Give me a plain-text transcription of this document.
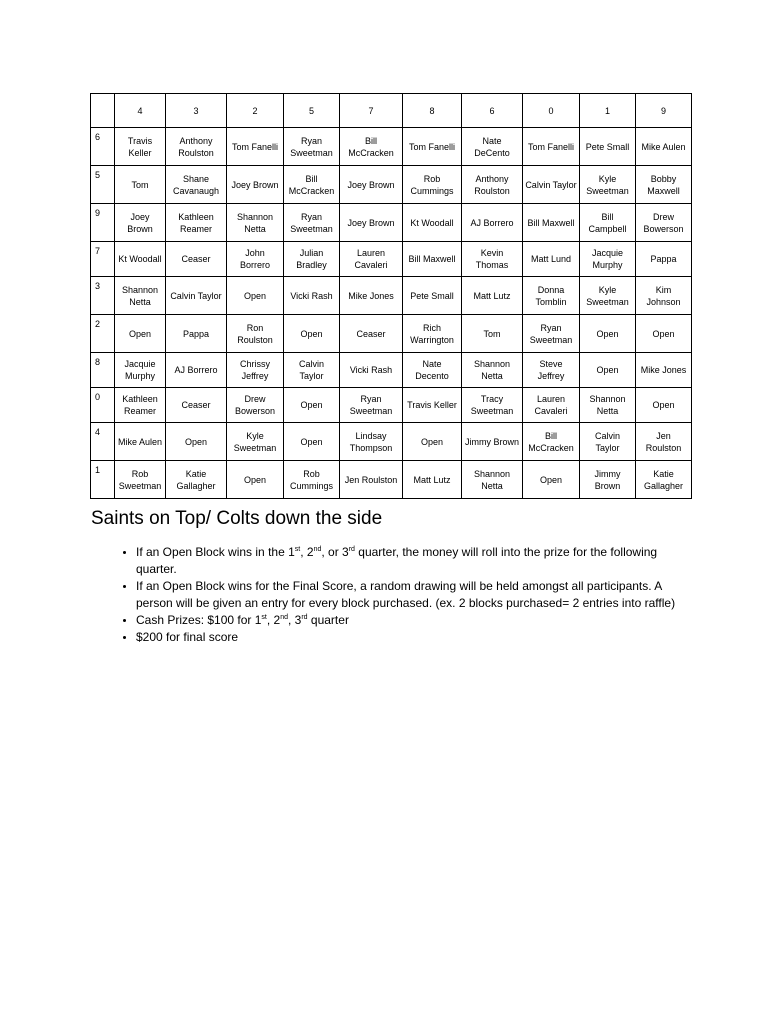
	4	3	2	5	7	8	6	0	1	9
6	Travis Keller	Anthony Roulston	Tom Fanelli	Ryan Sweetman	Bill McCracken	Tom Fanelli	Nate DeCento	Tom Fanelli	Pete Small	Mike Aulen
5	Tom	Shane Cavanaugh	Joey Brown	Bill McCracken	Joey Brown	Rob Cummings	Anthony Roulston	Calvin Taylor	Kyle Sweetman	Bobby Maxwell
9	Joey Brown	Kathleen Reamer	Shannon Netta	Ryan Sweetman	Joey Brown	Kt Woodall	AJ Borrero	Bill Maxwell	Bill Campbell	Drew Bowerson
7	Kt Woodall	Ceaser	John Borrero	Julian Bradley	Lauren Cavaleri	Bill Maxwell	Kevin Thomas	Matt Lund	Jacquie Murphy	Pappa
3	Shannon Netta	Calvin Taylor	Open	Vicki Rash	Mike Jones	Pete Small	Matt Lutz	Donna Tomblin	Kyle Sweetman	Kim Johnson
2	Open	Pappa	Ron Roulston	Open	Ceaser	Rich Warrington	Tom	Ryan Sweetman	Open	Open
8	Jacquie Murphy	AJ Borrero	Chrissy Jeffrey	Calvin Taylor	Vicki Rash	Nate Decento	Shannon Netta	Steve Jeffrey	Open	Mike Jones
0	Kathleen Reamer	Ceaser	Drew Bowerson	Open	Ryan Sweetman	Travis Keller	Tracy Sweetman	Lauren Cavaleri	Shannon Netta	Open
4	Mike Aulen	Open	Kyle Sweetman	Open	Lindsay Thompson	Open	Jimmy Brown	Bill McCracken	Calvin Taylor	Jen Roulston
1	Rob Sweetman	Katie Gallagher	Open	Rob Cummings	Jen Roulston	Matt Lutz	Shannon Netta	Open	Jimmy Brown	Katie Gallagher
Saints on Top/ Colts down the side
• If an Open Block wins in the 1st, 2nd, or 3rd quarter, the money will roll into the prize for the following quarter.
• If an Open Block wins for the Final Score, a random drawing will be held amongst all participants. A person will be given an entry for every block purchased. (ex. 2 blocks purchased= 2 entries into raffle)
• Cash Prizes: $100 for 1st, 2nd, 3rd quarter
• $200 for final score
